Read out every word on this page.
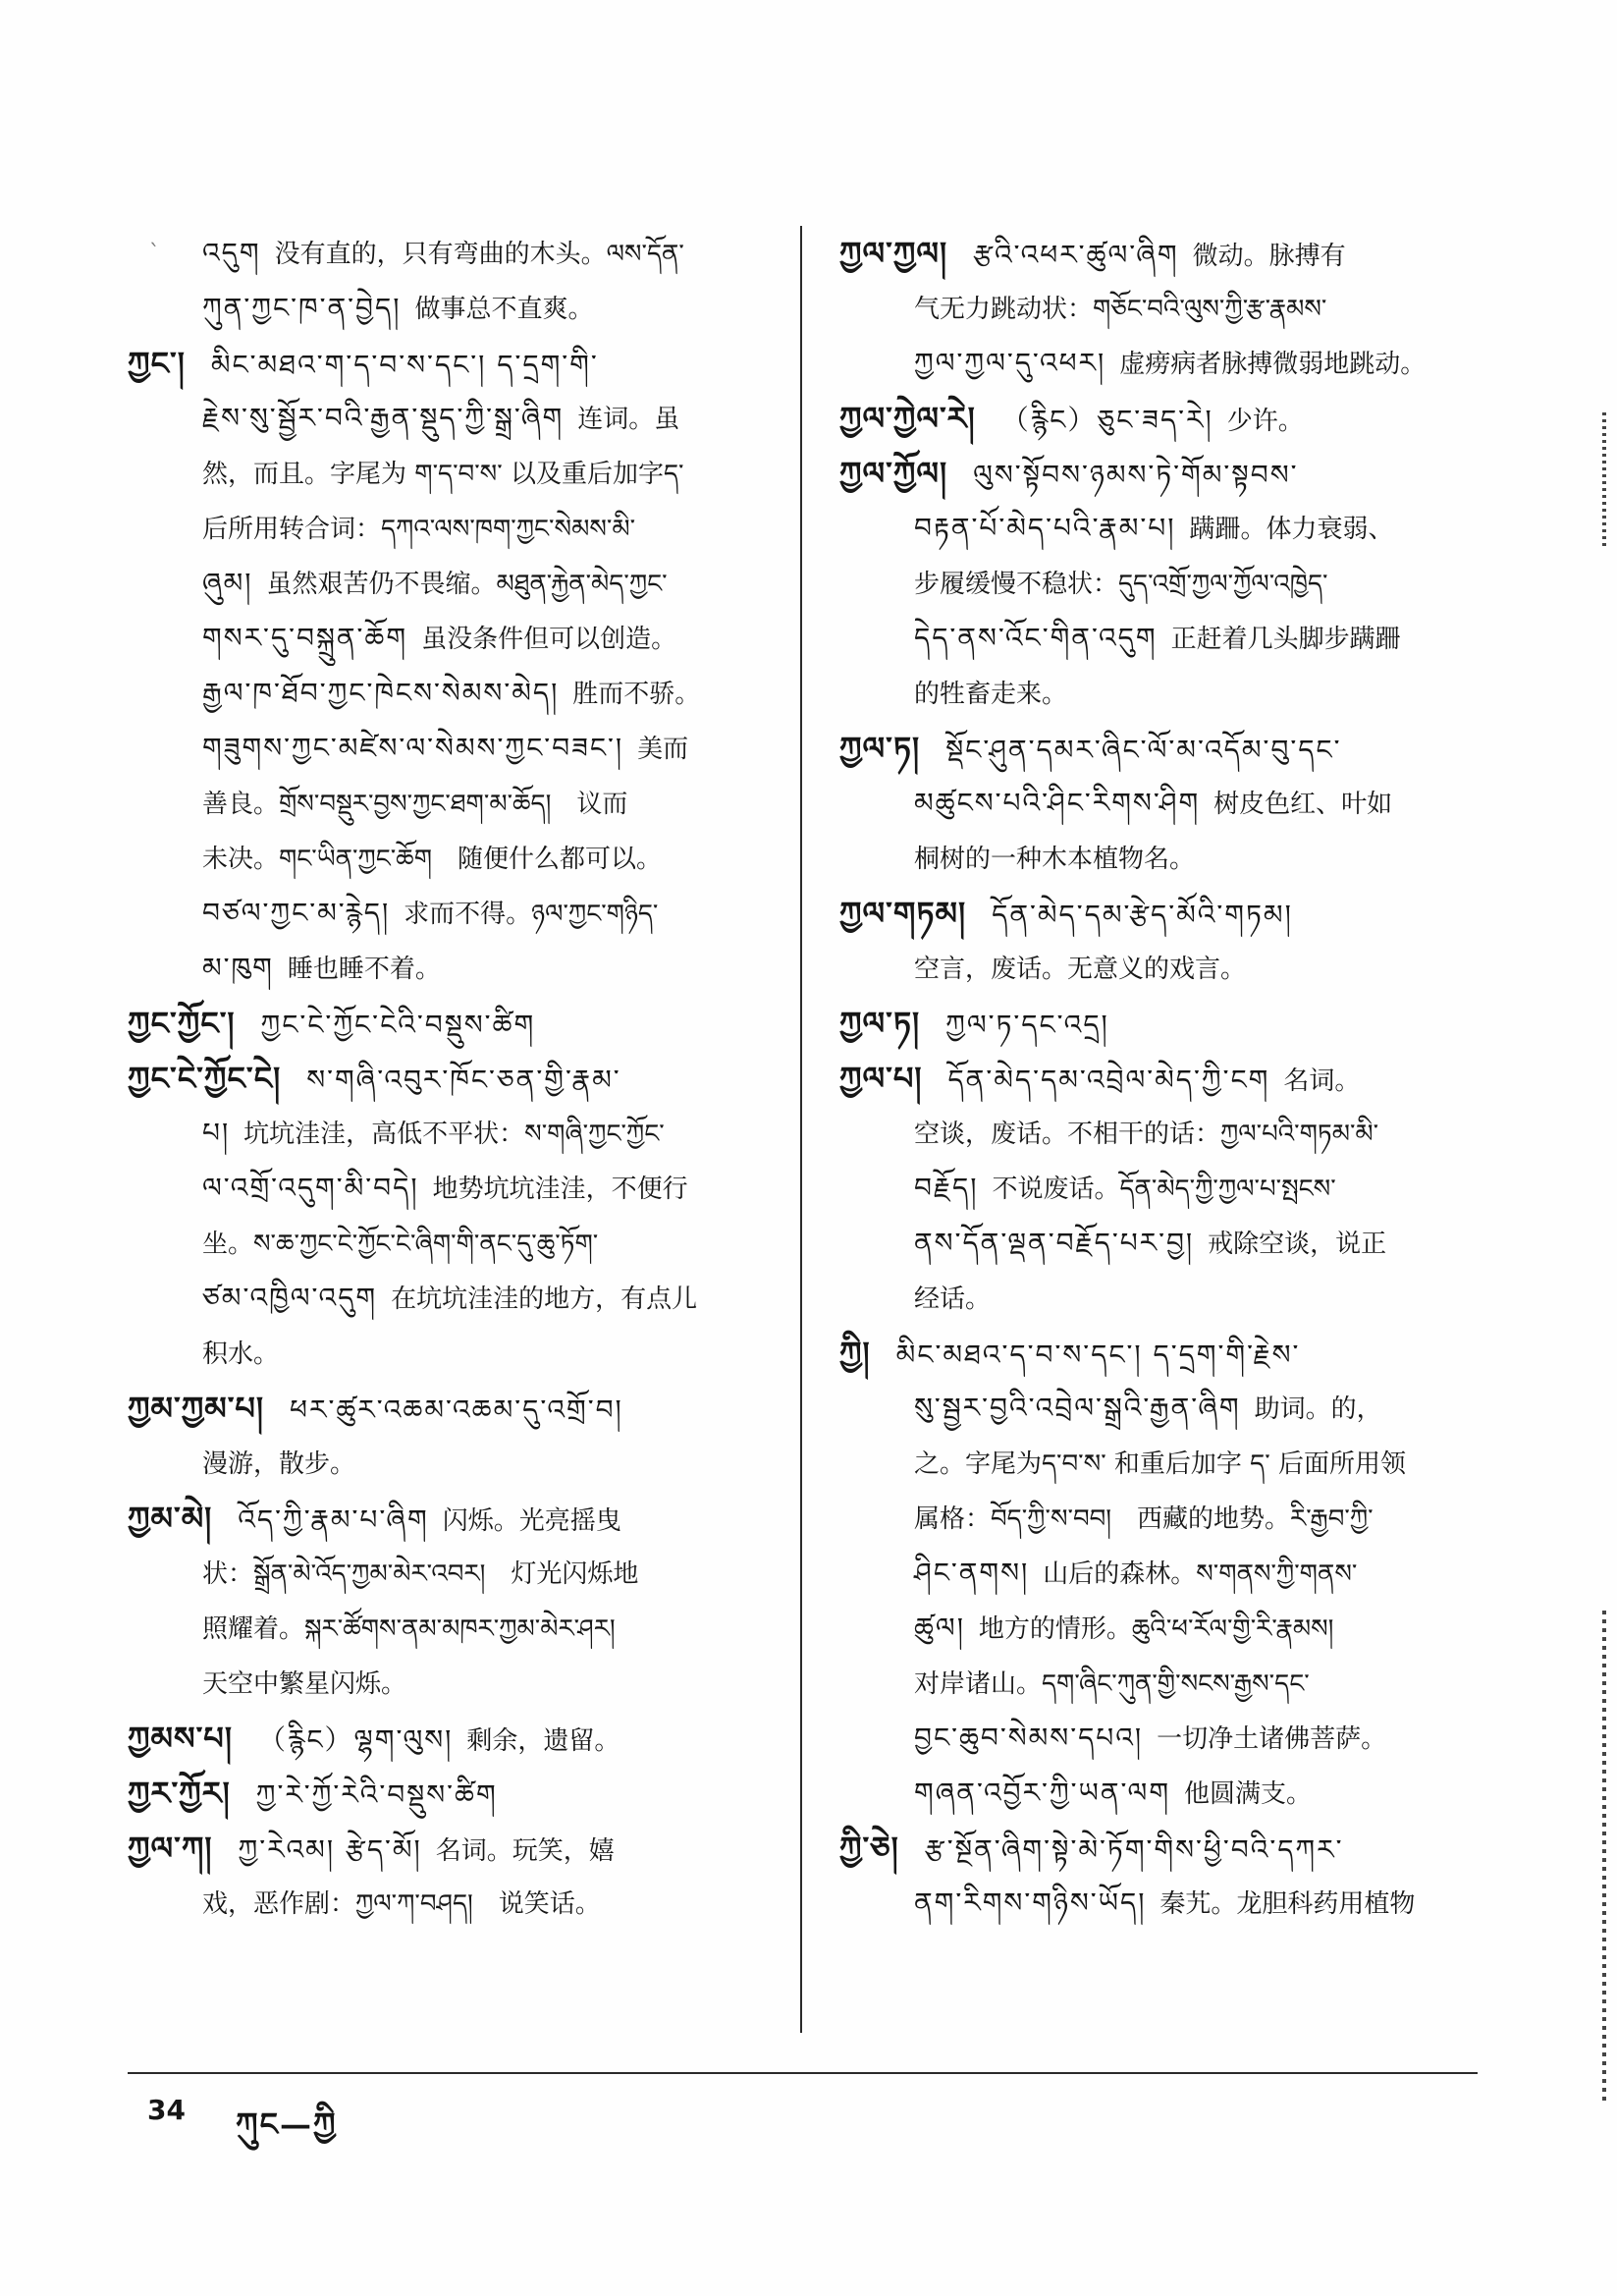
`	འདུག 没有直的，只有弯曲的木头。ལས་དོན་
ཀུན་ཀྱང་ཁ་ན་བྱེད། 做事总不直爽。
ཀྱང་། མིང་མཐའ་ག་ད་བ་ས་དང་། ད་དྲག་གི་
རྗེས་སུ་སྦྱོར་བའི་རྒྱན་སྡུད་ཀྱི་སྒྲ་ཞིག 连词。虽
然，而且。字尾为 ག་ད་བ་ས་ 以及重后加字ད་
后所用转合词：དཀའ་ལས་ཁག་ཀྱང་སེམས་མི་
ཞུམ། 虽然艰苦仍不畏缩。མཐུན་རྐྱེན་མེད་ཀྱང་
གསར་དུ་བསྐྲུན་ཆོག 虽没条件但可以创造。
རྒྱལ་ཁ་ཐོབ་ཀྱང་ཁེངས་སེམས་མེད། 胜而不骄。
གཟུགས་ཀྱང་མཛེས་ལ་སེམས་ཀྱང་བཟང་། 美而
善良。གྲོས་བསྡུར་བྱས་ཀྱང་ཐག་མ་ཆོད།　议而
未决。གང་ཡིན་ཀྱང་ཆོག　随便什么都可以。
བཙལ་ཀྱང་མ་རྙེད། 求而不得。ཉལ་ཀྱང་གཉིད་
མ་ཁུག 睡也睡不着。
ཀྱང་ཀྱོང་། ཀྱང་ངེ་ཀྱོང་ངེའི་བསྡུས་ཚིག
ཀྱང་ངེ་ཀྱོང་ངེ། ས་གཞི་འབུར་ཁོང་ཅན་གྱི་རྣམ་
པ། 坑坑洼洼，高低不平状：ས་གཞི་ཀྱང་ཀྱོང་
ལ་འགྲོ་འདུག་མི་བདེ། 地势坑坑洼洼，不便行
坐。ས་ཆ་ཀྱང་ངེ་ཀྱོང་ངེ་ཞིག་གི་ནང་དུ་ཆུ་ཏོག་
ཙམ་འཁྱིལ་འདུག 在坑坑洼洼的地方，有点儿
积水。
ཀྱམ་ཀྱམ་པ། ཕར་ཚུར་འཆམ་འཆམ་དུ་འགྲོ་བ།
漫游，散步。
ཀྱམ་མེ། འོད་ཀྱི་རྣམ་པ་ཞིག 闪烁。光亮摇曳
状：སྒྲོན་མེ་འོད་ཀྱམ་མེར་འབར།　灯光闪烁地
照耀着。སྐར་ཚོགས་ནམ་མཁར་ཀྱམ་མེར་ཤར།
天空中繁星闪烁。
ཀྱམས་པ། （རྙིང）ལྷག་ལུས། 剩余，遗留。
ཀྱར་ཀྱོར། ཀྱ་རེ་ཀྱོ་རེའི་བསྡུས་ཚིག
ཀྱལ་ཀ། ཀྱ་རེའམ། རྩེད་མོ། 名词。玩笑，嬉
戏，恶作剧：ཀྱལ་ཀ་བཤད།　说笑话。
ཀྱལ་ཀྱལ། རྩའི་འཕར་ཚུལ་ཞིག 微动。脉搏有
气无力跳动状：གཅོང་བའི་ལུས་ཀྱི་རྩ་རྣམས་
ཀྱལ་ཀྱལ་དུ་འཕར། 虚痨病者脉搏微弱地跳动。
ཀྱལ་ཀྱེལ་རེ། （རྙིང）ཅུང་ཟད་རེ། 少许。
ཀྱལ་ཀྱོལ། ལུས་སྟོབས་ཉམས་ཏེ་གོམ་སྟབས་
བརྟན་པོ་མེད་པའི་རྣམ་པ། 蹒跚。体力衰弱、
步履缓慢不稳状：དུད་འགྲོ་ཀྱལ་ཀྱོལ་འཁྱེད་
དེད་ནས་འོང་གིན་འདུག 正赶着几头脚步蹒跚
的牲畜走来。
ཀྱལ་ཏ། སྡོང་ཤུན་དམར་ཞིང་ལོ་མ་འདོམ་བུ་དང་
མཚུངས་པའི་ཤིང་རིགས་ཤིག 树皮色红、叶如
桐树的一种木本植物名。
ཀྱལ་གཏམ། དོན་མེད་དམ་རྩེད་མོའི་གཏམ།
空言，废话。无意义的戏言。
ཀྱལ་ཏ། ཀྱལ་ཏ་དང་འདྲ།
ཀྱལ་པ། དོན་མེད་དམ་འབྲེལ་མེད་ཀྱི་ངག 名词。
空谈，废话。不相干的话：ཀྱལ་པའི་གཏམ་མི་
བརྗོད། 不说废话。དོན་མེད་ཀྱི་ཀྱལ་པ་སྤངས་
ནས་དོན་ལྡན་བརྗོད་པར་བྱ། 戒除空谈，说正
经话。
ཀྱི། མིང་མཐའ་ད་བ་ས་དང་། ད་དྲག་གི་རྗེས་
སུ་སྦྱར་བྱའི་འབྲེལ་སྒྲའི་རྒྱན་ཞིག 助词。的，
之。字尾为ད་བ་ས་ 和重后加字 ད་ 后面所用领
属格：བོད་ཀྱི་ས་བབ།　西藏的地势。རི་རྒྱབ་ཀྱི་
ཤིང་ནགས། 山后的森林。ས་གནས་ཀྱི་གནས་
ཚུལ། 地方的情形。ཆུའི་ཕ་རོལ་གྱི་རི་རྣམས།
对岸诸山。དག་ཞིང་ཀུན་གྱི་སངས་རྒྱས་དང་
བྱང་ཆུབ་སེམས་དཔའ། 一切净土诸佛菩萨。
གཞན་འབྱོར་ཀྱི་ཡན་ལག 他圆满支。
ཀྱི་ཅེ། རྩ་སྔོན་ཞིག་སྟེ་མེ་ཏོག་གིས་ཕྱི་བའི་དཀར་
ནག་རིགས་གཉིས་ཡོད། 秦艽。龙胆科药用植物
34 ཀུང—ཀྱི
